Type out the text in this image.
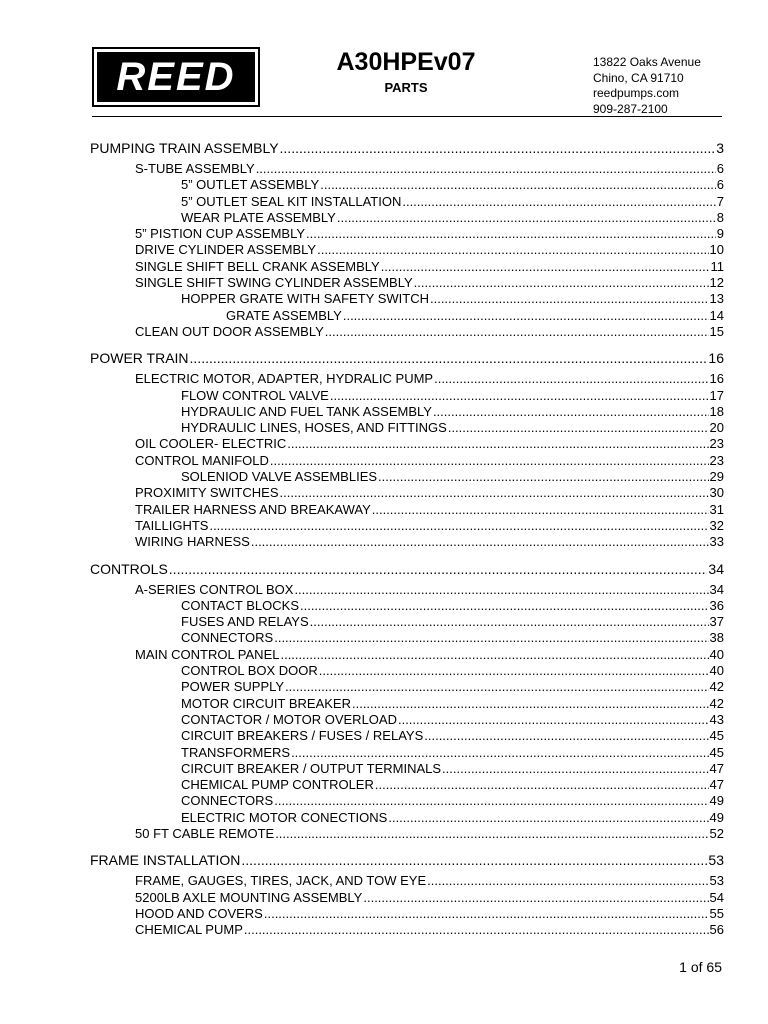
REED	A30HPEv07
PARTS
13822 Oaks Avenue
Chino, CA 91710
reedpumps.com
909-287-2100
PUMPING TRAIN ASSEMBLY .....	3
S-TUBE ASSEMBLY .....	6
5” OUTLET ASSEMBLY .....	6
5” OUTLET SEAL KIT INSTALLATION .....	7
WEAR PLATE ASSEMBLY .....	8
5” PISTION CUP ASSEMBLY .....	9
DRIVE CYLINDER ASSEMBLY .....	10
SINGLE SHIFT BELL CRANK ASSEMBLY .....	11
SINGLE SHIFT SWING CYLINDER ASSEMBLY .....	12
HOPPER GRATE WITH SAFETY SWITCH .....	13
GRATE ASSEMBLY .....	14
CLEAN OUT DOOR ASSEMBLY .....	15
POWER TRAIN .....	16
ELECTRIC MOTOR, ADAPTER, HYDRALIC PUMP .....	16
FLOW CONTROL VALVE .....	17
HYDRAULIC AND FUEL TANK ASSEMBLY .....	18
HYDRAULIC LINES, HOSES, AND FITTINGS .....	20
OIL COOLER- ELECTRIC .....	23
CONTROL MANIFOLD .....	23
SOLENIOD VALVE ASSEMBLIES .....	29
PROXIMITY SWITCHES .....	30
TRAILER HARNESS AND BREAKAWAY .....	31
TAILLIGHTS .....	32
WIRING HARNESS .....	33
CONTROLS .....	34
A-SERIES CONTROL BOX .....	34
CONTACT BLOCKS .....	36
FUSES AND RELAYS .....	37
CONNECTORS .....	38
MAIN CONTROL PANEL .....	40
CONTROL BOX DOOR .....	40
POWER SUPPLY .....	42
MOTOR CIRCUIT BREAKER .....	42
CONTACTOR / MOTOR OVERLOAD .....	43
CIRCUIT BREAKERS / FUSES / RELAYS .....	45
TRANSFORMERS .....	45
CIRCUIT BREAKER / OUTPUT TERMINALS .....	47
CHEMICAL PUMP CONTROLER .....	47
CONNECTORS .....	49
ELECTRIC MOTOR CONECTIONS .....	49
50 FT CABLE REMOTE .....	52
FRAME INSTALLATION .....	53
FRAME, GAUGES, TIRES, JACK, AND TOW EYE .....	53
5200LB AXLE MOUNTING ASSEMBLY .....	54
HOOD AND COVERS .....	55
CHEMICAL PUMP .....	56
1 of 65
